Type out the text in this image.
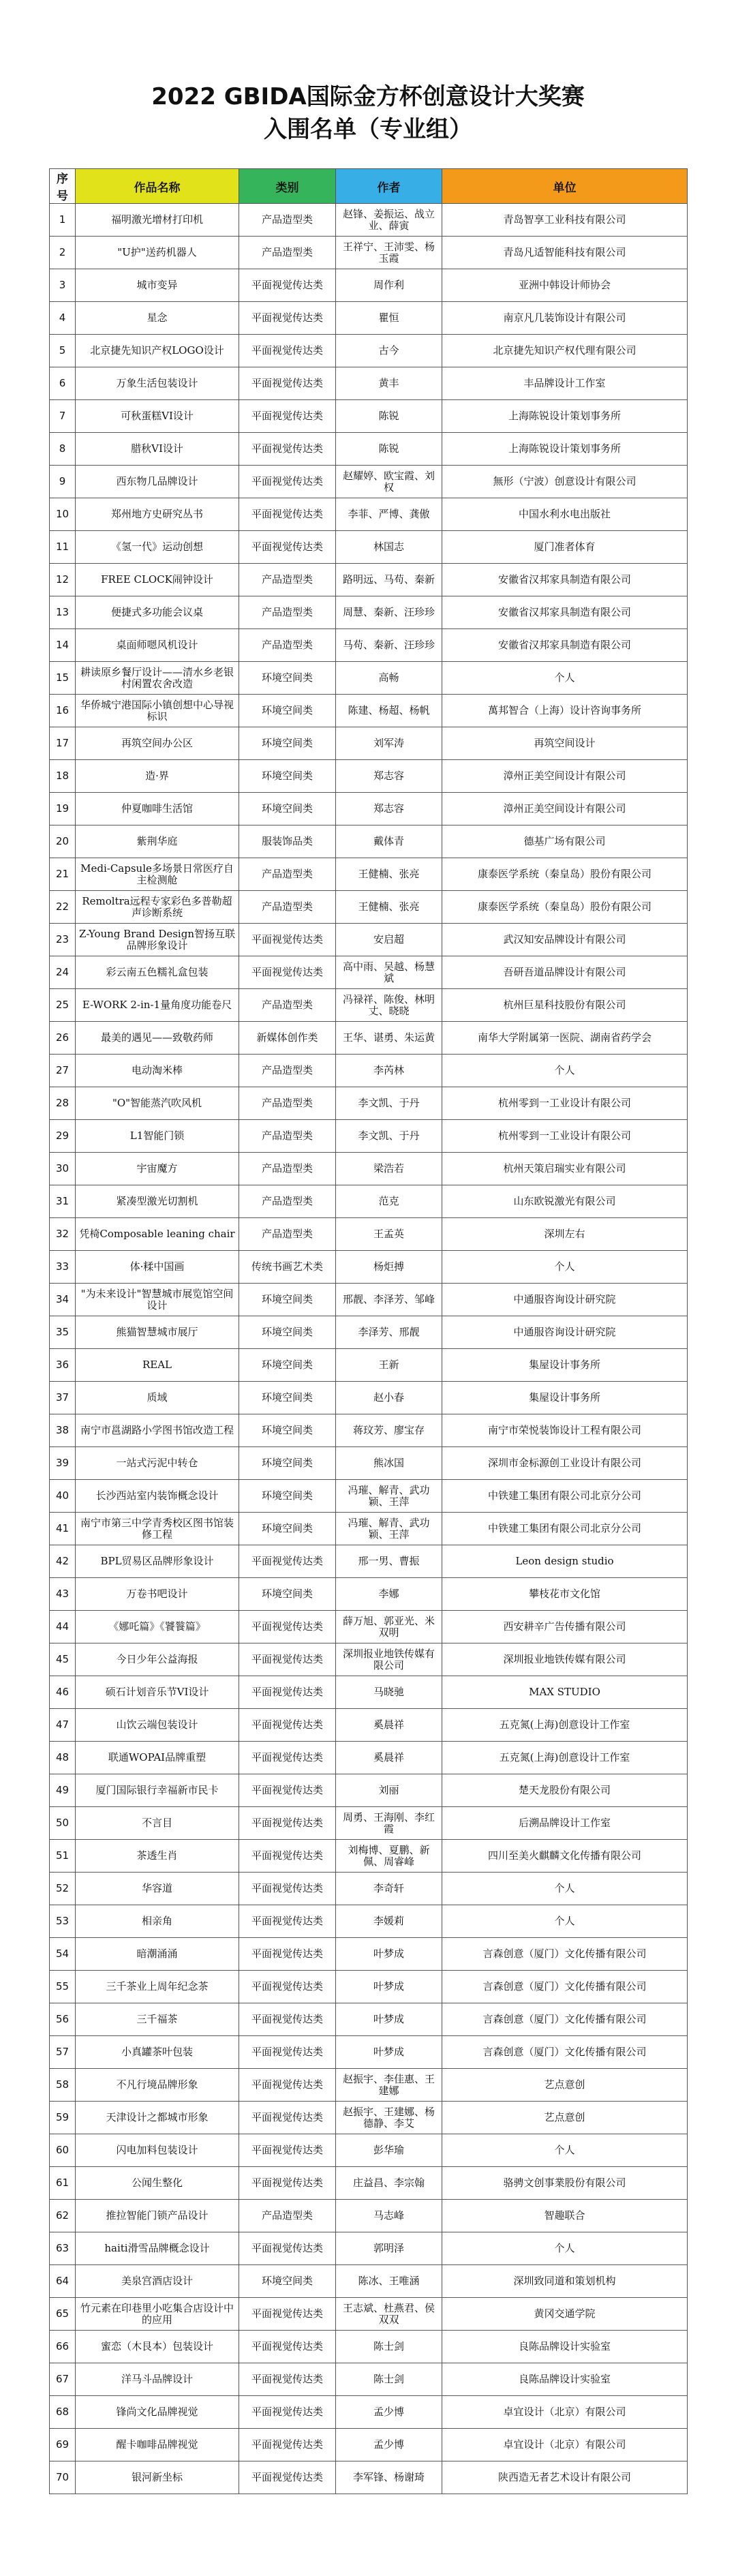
2022 GBIDA国际金方杯创意设计大奖赛
入围名单（专业组）
序号	作品名称	类别	作者	单位
1	福明激光增材打印机	产品造型类	赵锋、姜振运、战立业、薛寅	青岛智享工业科技有限公司
2	"U护"送药机器人	产品造型类	王祥宁、王沛雯、杨玉霞	青岛凡适智能科技有限公司
3	城市变异	平面视觉传达类	周作利	亚洲中韩设计师协会
4	星念	平面视觉传达类	瞿恒	南京凡几装饰设计有限公司
5	北京捷先知识产权LOGO设计	平面视觉传达类	古今	北京捷先知识产权代理有限公司
6	万象生活包装设计	平面视觉传达类	黄丰	丰品牌设计工作室
7	可秋蛋糕VI设计	平面视觉传达类	陈锐	上海陈锐设计策划事务所
8	腊秋VI设计	平面视觉传达类	陈锐	上海陈锐设计策划事务所
9	西东物几品牌设计	平面视觉传达类	赵耀婷、欧宝霞、刘权	無形（宁波）创意设计有限公司
10	郑州地方史研究丛书	平面视觉传达类	李菲、严博、龚傲	中国水利水电出版社
11	《氢一代》运动创想	平面视觉传达类	林国志	厦门准者体育
12	FREE CLOCK闹钟设计	产品造型类	路明远、马苟、秦新	安徽省汉邦家具制造有限公司
13	便捷式多功能会议桌	产品造型类	周慧、秦新、汪珍珍	安徽省汉邦家具制造有限公司
14	桌面师嗯风机设计	产品造型类	马苟、秦新、汪珍珍	安徽省汉邦家具制造有限公司
15	耕读原乡餐厅设计——清水乡老银村闲置农舍改造	环境空间类	高畅	个人
16	华侨城宁港国际小镇创想中心导视标识	环境空间类	陈建、杨超、杨帆	萬邦智合（上海）设计咨询事务所
17	再筑空间办公区	环境空间类	刘军涛	再筑空间设计
18	造·界	环境空间类	郑志容	漳州正美空间设计有限公司
19	仲夏咖啡生活馆	环境空间类	郑志容	漳州正美空间设计有限公司
20	紫荆华庭	服装饰品类	戴体青	德基广场有限公司
21	Medi-Capsule多场景日常医疗自主检测舱	产品造型类	王健楠、张亮	康泰医学系统（秦皇岛）股份有限公司
22	Remoltra远程专家彩色多普勒超声诊断系统	产品造型类	王健楠、张亮	康泰医学系统（秦皇岛）股份有限公司
23	Z-Young Brand Design智扬互联品牌形象设计	平面视觉传达类	安启超	武汉知安品牌设计有限公司
24	彩云南五色糯礼盒包装	平面视觉传达类	高中雨、吴越、杨慧斌	吾研吾道品牌设计有限公司
25	E-WORK 2-in-1量角度功能卷尺	产品造型类	冯禄祥、陈俊、林明丈、晓晓	杭州巨星科技股份有限公司
26	最美的遇见——致敬药师	新媒体创作类	王华、谌勇、朱运黄	南华大学附属第一医院、湖南省药学会
27	电动淘米棒	产品造型类	李芮林	个人
28	"O"智能蒸汽吹风机	产品造型类	李文凯、于丹	杭州零到一工业设计有限公司
29	L1智能门锁	产品造型类	李文凯、于丹	杭州零到一工业设计有限公司
30	宇宙魔方	产品造型类	梁浩若	杭州天策启瑞实业有限公司
31	紧凑型激光切割机	产品造型类	范克	山东欧锐激光有限公司
32	凭椅Composable leaning chair	产品造型类	王孟英	深圳左右
33	体·糅中国画	传统书画艺术类	杨炬搏	个人
34	"为未来设计"智慧城市展览馆空间设计	环境空间类	邢靓、李泽芳、邹峰	中通服咨询设计研究院
35	熊猫智慧城市展厅	环境空间类	李泽芳、邢靓	中通服咨询设计研究院
36	REAL	环境空间类	王新	集屋设计事务所
37	质域	环境空间类	赵小春	集屋设计事务所
38	南宁市邕湖路小学图书馆改造工程	环境空间类	蒋玟芳、廖宝存	南宁市荣悦装饰设计工程有限公司
39	一站式污泥中转仓	环境空间类	熊冰国	深圳市金标源创工业设计有限公司
40	长沙西站室内装饰概念设计	环境空间类	冯璀、解青、武功颖、王萍	中铁建工集团有限公司北京分公司
41	南宁市第三中学青秀校区图书馆装修工程	环境空间类	冯璀、解青、武功颖、王萍	中铁建工集团有限公司北京分公司
42	BPL贸易区品牌形象设计	平面视觉传达类	邢一男、曹振	Leon design studio
43	万卷书吧设计	环境空间类	李娜	攀枝花市文化馆
44	《娜吒篇》《饕餮篇》	平面视觉传达类	薛万旭、郭亚光、米双明	西安耕辛广告传播有限公司
45	今日少年公益海报	平面视觉传达类	深圳报业地铁传媒有限公司	深圳报业地铁传媒有限公司
46	硕石计划音乐节VI设计	平面视觉传达类	马晓驰	MAX STUDIO
47	山饮云端包装设计	平面视觉传达类	奚晨祥	五克氮(上海)创意设计工作室
48	联通WOPAI品牌重塑	平面视觉传达类	奚晨祥	五克氮(上海)创意设计工作室
49	厦门国际银行幸福新市民卡	平面视觉传达类	刘丽	楚天龙股份有限公司
50	不言目	平面视觉传达类	周勇、王海刚、李红霞	后溯品牌设计工作室
51	茶透生肖	平面视觉传达类	刘梅博、夏鹏、新佩、周睿峰	四川至美火麒麟文化传播有限公司
52	华容道	平面视觉传达类	李奇轩	个人
53	相亲角	平面视觉传达类	李媛莉	个人
54	暗潮涌涌	平面视觉传达类	叶梦成	言森创意（厦门）文化传播有限公司
55	三千茶业上周年纪念茶	平面视觉传达类	叶梦成	言森创意（厦门）文化传播有限公司
56	三千福茶	平面视觉传达类	叶梦成	言森创意（厦门）文化传播有限公司
57	小真罐茶叶包装	平面视觉传达类	叶梦成	言森创意（厦门）文化传播有限公司
58	不凡行境品牌形象	平面视觉传达类	赵振宇、李佳惠、王建娜	艺点意创
59	天津设计之都城市形象	平面视觉传达类	赵振宇、王建娜、杨德静、李艾	艺点意创
60	闪电加料包装设计	平面视觉传达类	彭华瑜	个人
61	公闻生整化	平面视觉传达类	庄益昌、李宗翰	骆骋文创事業股份有限公司
62	推拉智能门锁产品设计	产品造型类	马志峰	智趣联合
63	haiti滑雪品牌概念设计	平面视觉传达类	郭明泽	个人
64	美泉宫酒店设计	环境空间类	陈冰、王唯涵	深圳致同道和策划机构
65	竹元素在印巷里小吃集合店设计中的应用	平面视觉传达类	王志斌、杜燕君、侯双双	黄冈交通学院
66	蜜恋（木艮本）包装设计	平面视觉传达类	陈士剑	良陈品牌设计实验室
67	洋马斗品牌设计	平面视觉传达类	陈士剑	良陈品牌设计实验室
68	锋尚文化品牌视觉	平面视觉传达类	孟少博	卓宜设计（北京）有限公司
69	醒卡咖啡品牌视觉	平面视觉传达类	孟少博	卓宜设计（北京）有限公司
70	银河新坐标	平面视觉传达类	李军锋、杨谢琦	陕西造无者艺术设计有限公司
